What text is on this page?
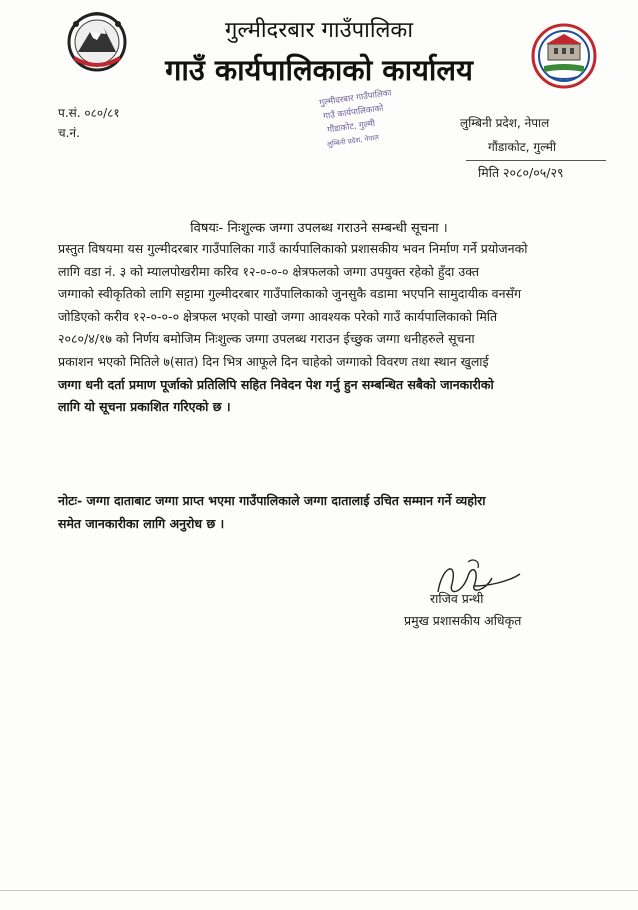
गुल्मीदरबार गाउँपालिका
गाउँ कार्यपालिकाको कार्यालय
गुल्मीदरबार गाउँपालिका
गाउँ कार्यपालिकाको
गौंडाकोट, गुल्मी
लुम्बिनी प्रदेश, नेपाल
प.सं. ०८०/८१
च.नं.
लुम्बिनी प्रदेश, नेपाल
गौंडाकोट, गुल्मी
मिति २०८०/०५/२९
विषयः- निःशुल्क जग्गा उपलब्ध गराउने सम्बन्धी सूचना ।
प्रस्तुत विषयमा यस गुल्मीदरबार गाउँपालिका गाउँ कार्यपालिकाको प्रशासकीय भवन निर्माण गर्ने प्रयोजनको
लागि वडा नं. ३ को म्यालपोखरीमा करिव १२-०-०-० क्षेत्रफलको जग्गा उपयुक्त रहेको हुँदा उक्त
जग्गाको स्वीकृतिको लागि सट्टामा गुल्मीदरबार गाउँपालिकाको जुनसुकै वडामा भएपनि सामुदायीक वनसँग
जोडिएको करीव १२-०-०-० क्षेत्रफल भएको पाखो जग्गा आवश्यक परेको गाउँ कार्यपालिकाको मिति
२०८०/४/१७ को निर्णय बमोजिम निःशुल्क जग्गा उपलब्ध गराउन ईच्छुक जग्गा धनीहरुले सूचना
प्रकाशन भएको मितिले ७(सात) दिन भित्र आफूले दिन चाहेको जग्गाको विवरण तथा स्थान खुलाई
जग्गा धनी दर्ता प्रमाण पूर्जाको प्रतिलिपि सहित निवेदन पेश गर्नु हुन सम्बन्धित सबैको जानकारीको
लागि यो सूचना प्रकाशित गरिएको छ ।
नोटः- जग्गा दाताबाट जग्गा प्राप्त भएमा गाउँपालिकाले जग्गा दातालाई उचित सम्मान गर्ने व्यहोरा
समेत जानकारीका लागि अनुरोध छ ।
राजिव प्रन्थी
प्रमुख प्रशासकीय अधिकृत
